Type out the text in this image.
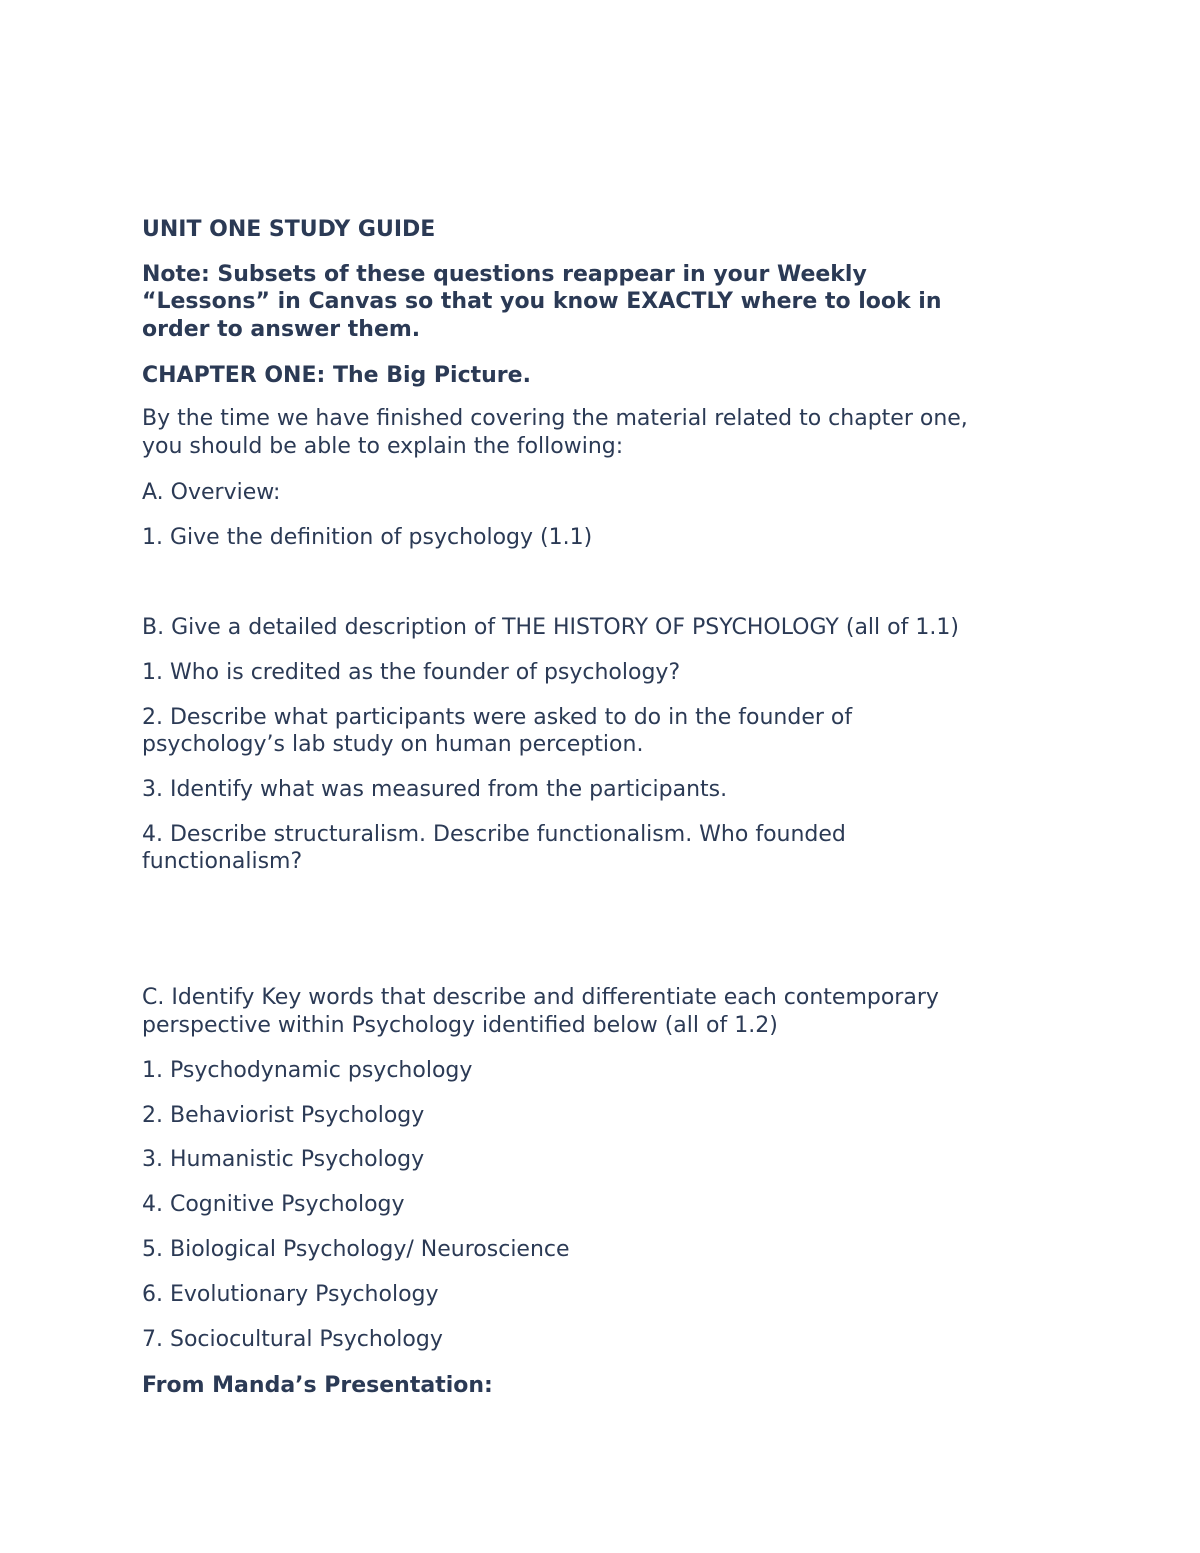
UNIT ONE STUDY GUIDE

Note: Subsets of these questions reappear in your Weekly

“Lessons” in Canvas so that you know EXACTLY where to look in

order to answer them.

CHAPTER ONE: The Big Picture.

By the time we have finished covering the material related to chapter one,

you should be able to explain the following:

A. Overview:

1. Give the definition of psychology (1.1)

B. Give a detailed description of THE HISTORY OF PSYCHOLOGY (all of 1.1)

1. Who is credited as the founder of psychology?

2. Describe what participants were asked to do in the founder of

psychology’s lab study on human perception.

3. Identify what was measured from the participants.

4. Describe structuralism. Describe functionalism. Who founded

functionalism?

C. Identify Key words that describe and differentiate each contemporary

perspective within Psychology identified below (all of 1.2)

1. Psychodynamic psychology

2. Behaviorist Psychology

3. Humanistic Psychology

4. Cognitive Psychology

5. Biological Psychology/ Neuroscience

6. Evolutionary Psychology

7. Sociocultural Psychology

From Manda’s Presentation:
